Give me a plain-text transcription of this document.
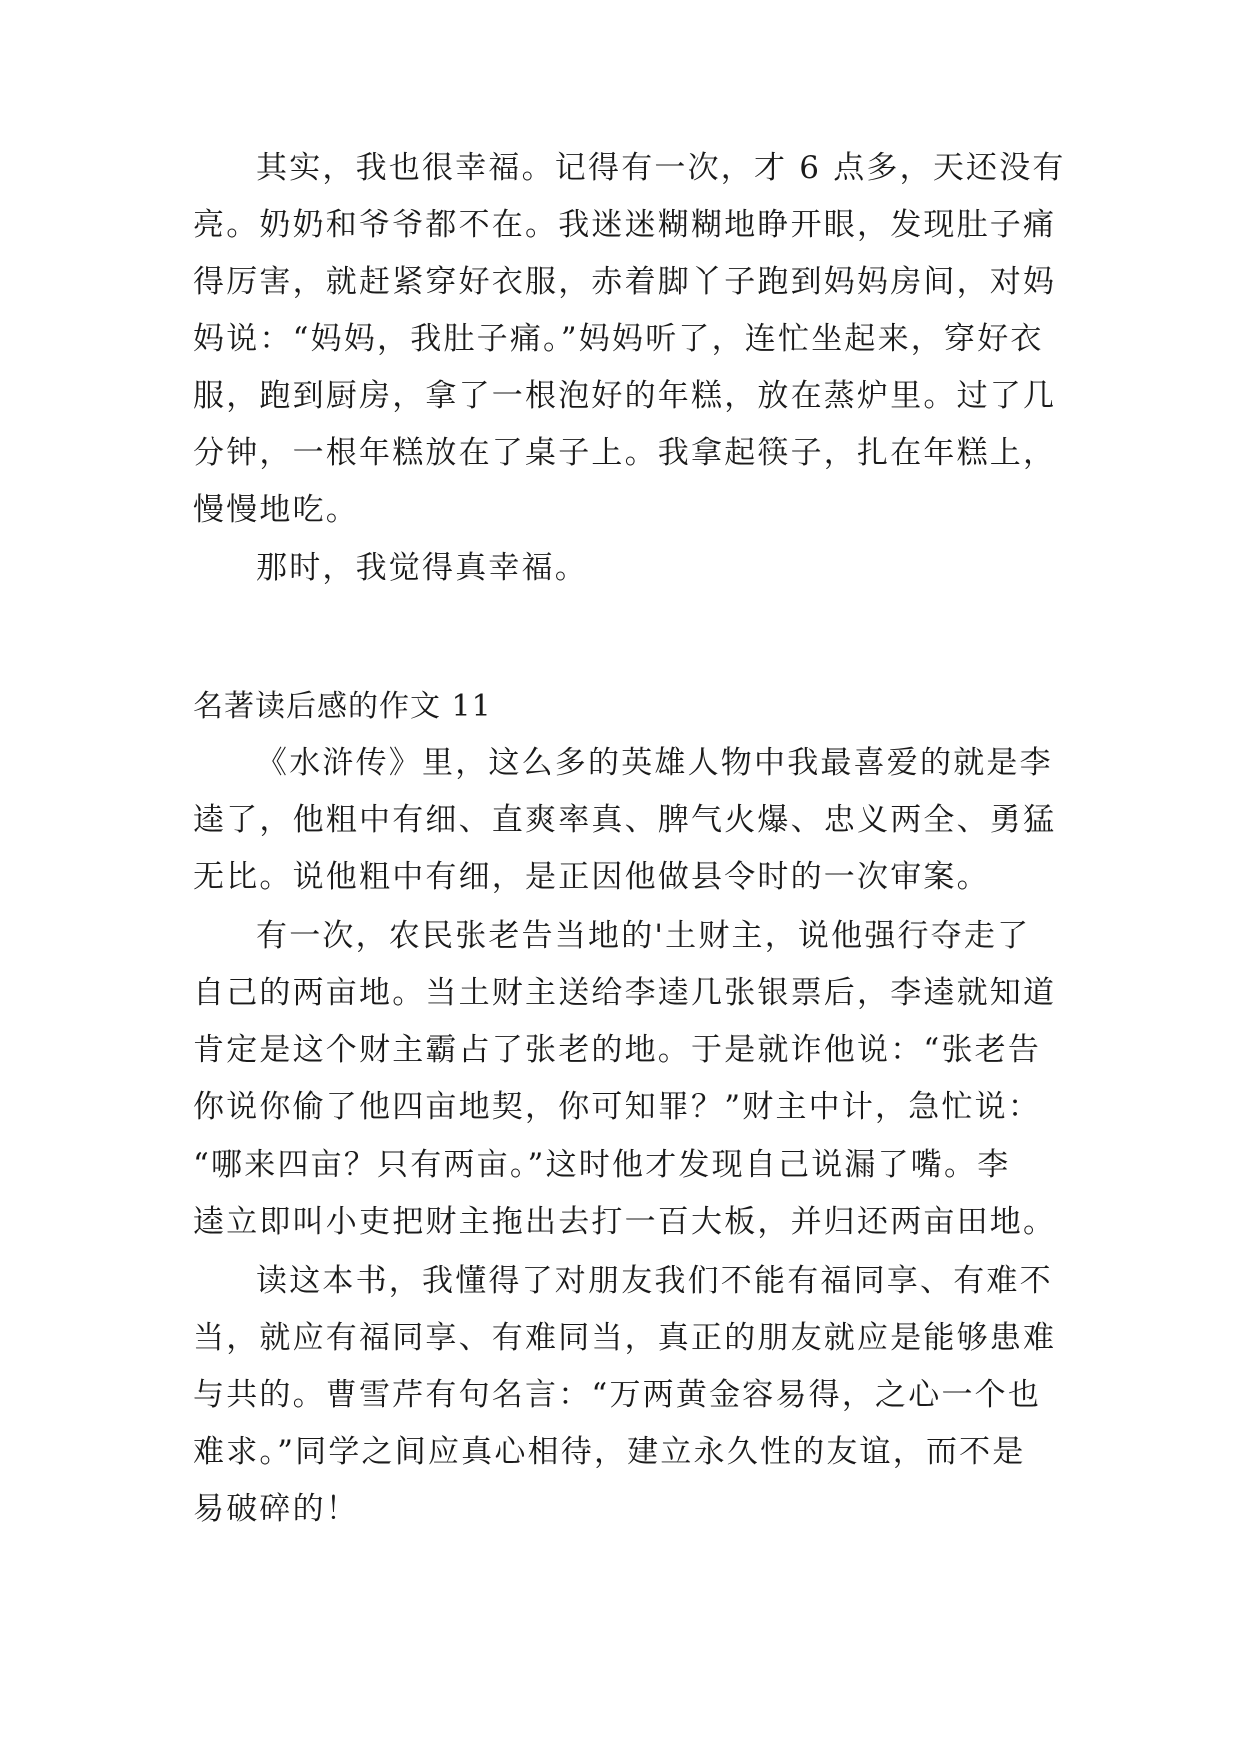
其实，我也很幸福。记得有一次，才 6 点多，天还没有
亮。奶奶和爷爷都不在。我迷迷糊糊地睁开眼，发现肚子痛
得厉害，就赶紧穿好衣服，赤着脚丫子跑到妈妈房间，对妈
妈说：“妈妈，我肚子痛。”妈妈听了，连忙坐起来，穿好衣
服，跑到厨房，拿了一根泡好的年糕，放在蒸炉里。过了几
分钟，一根年糕放在了桌子上。我拿起筷子，扎在年糕上，
慢慢地吃。
那时，我觉得真幸福。
名著读后感的作文 11
《水浒传》里，这么多的英雄人物中我最喜爱的就是李
逵了，他粗中有细、直爽率真、脾气火爆、忠义两全、勇猛
无比。说他粗中有细，是正因他做县令时的一次审案。
有一次，农民张老告当地的'土财主，说他强行夺走了
自己的两亩地。当土财主送给李逵几张银票后，李逵就知道
肯定是这个财主霸占了张老的地。于是就诈他说：“张老告
你说你偷了他四亩地契，你可知罪？”财主中计，急忙说：
“哪来四亩？只有两亩。”这时他才发现自己说漏了嘴。李
逵立即叫小吏把财主拖出去打一百大板，并归还两亩田地。
读这本书，我懂得了对朋友我们不能有福同享、有难不
当，就应有福同享、有难同当，真正的朋友就应是能够患难
与共的。曹雪芹有句名言：“万两黄金容易得，之心一个也
难求。”同学之间应真心相待，建立永久性的友谊，而不是
易破碎的！
